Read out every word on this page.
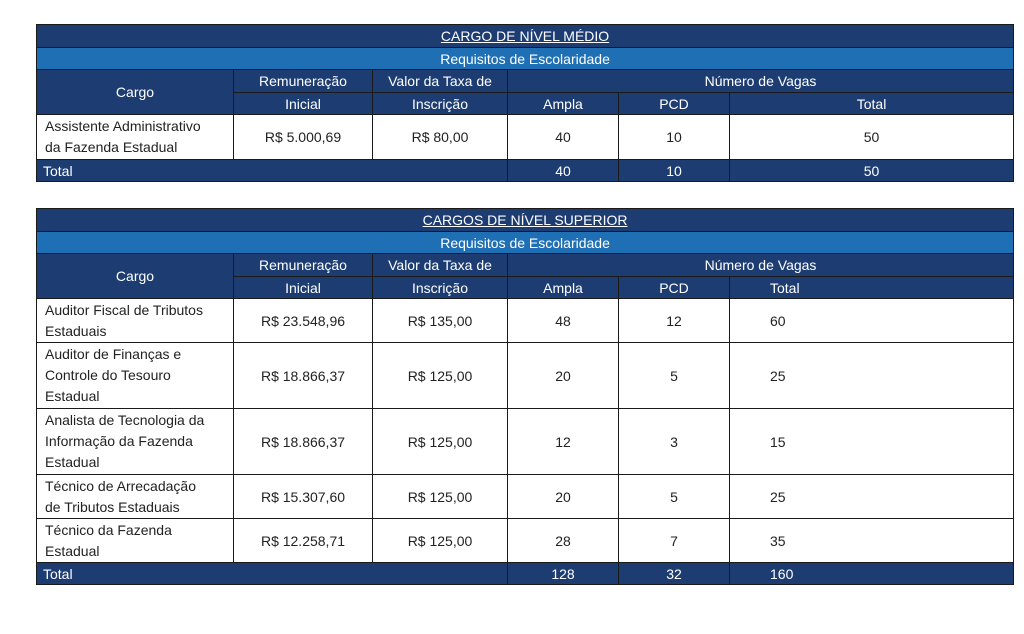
CARGO DE NÍVEL MÉDIO					
Requisitos de Escolaridade					
Cargo	Remuneração	Valor da Taxa de	Número de Vagas		
	Inicial	Inscrição	Ampla	PCD	Total

Assistente Administrativo
da Fazenda Estadual	R$ 5.000,69	R$ 80,00	40	10	50
Total			40	10	50
CARGOS DE NÍVEL SUPERIOR					
Requisitos de Escolaridade					
Cargo	Remuneração	Valor da Taxa de	Número de Vagas		
	Inicial	Inscrição	Ampla	PCD	Total

Auditor Fiscal de Tributos
Estaduais	R$ 23.548,96	R$ 135,00	48	12	60

Auditor de Finanças e
Controle do Tesouro
Estadual	R$ 18.866,37	R$ 125,00	20	5	25

Analista de Tecnologia da
Informação da Fazenda
Estadual	R$ 18.866,37	R$ 125,00	12	3	15

Técnico de Arrecadação
de Tributos Estaduais	R$ 15.307,60	R$ 125,00	20	5	25

Técnico da Fazenda
Estadual	R$ 12.258,71	R$ 125,00	28	7	35
Total			128	32	160
